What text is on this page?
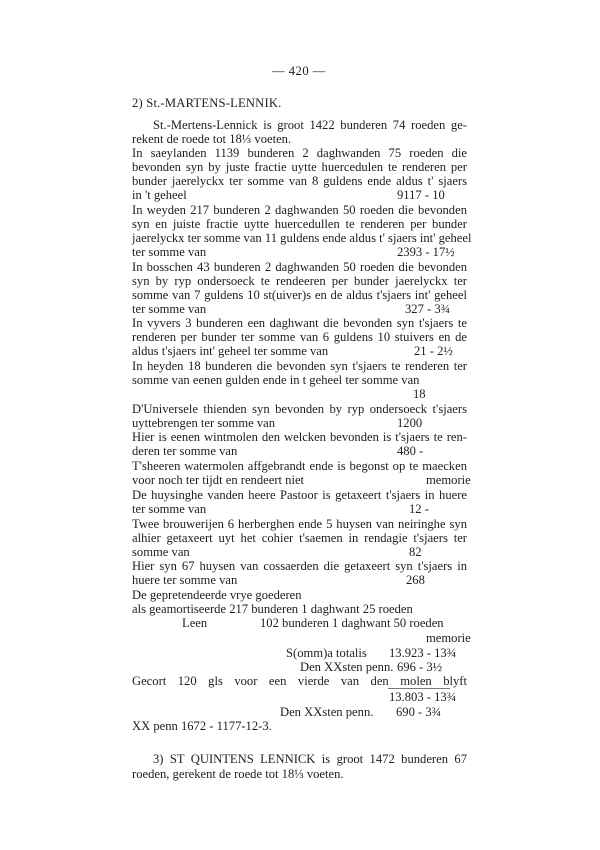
— 420 —
2) St.-MARTENS-LENNIK.
St.-Mertens-Lennick is groot 1422 bunderen 74 roeden ge-
rekent de roede tot 18⅓ voeten.
In saeylanden 1139 bunderen 2 daghwanden 75 roeden die
bevonden syn by juste fractie uytte huercedulen te renderen per
bunder jaerelyckx ter somme van 8 guldens ende aldus t' sjaers
in 't geheel	9117 - 10
In weyden 217 bunderen 2 daghwanden 50 roeden die bevonden
syn en juiste fractie uytte huercedullen te renderen per bunder
jaerelyckx ter somme van 11 guldens ende aldus t' sjaers int' geheel
ter somme van	2393 - 17½
In bosschen 43 bunderen 2 daghwanden 50 roeden die bevonden
syn by ryp ondersoeck te rendeeren per bunder jaerelyckx ter
somme van 7 guldens 10 st(uiver)s en de aldus t'sjaers int' geheel
ter somme van	327 - 3¾
In vyvers 3 bunderen een daghwant die bevonden syn t'sjaers te
renderen per bunder ter somme van 6 guldens 10 stuivers en de
aldus t'sjaers int' geheel ter somme van	21 - 2½
In heyden 18 bunderen die bevonden syn t'sjaers te renderen ter
somme van eenen gulden ende in t geheel ter somme van
18
D'Universele thienden syn bevonden by ryp ondersoeck t'sjaers
uyttebrengen ter somme van	1200
Hier is eenen wintmolen den welcken bevonden is t'sjaers te ren-
deren ter somme van	480 -
T'sheeren watermolen affgebrandt ende is begonst op te maecken
voor noch ter tijdt en rendeert niet	memorie
De huysinghe vanden heere Pastoor is getaxeert t'sjaers in huere
ter somme van	12 -
Twee brouwerijen 6 herberghen ende 5 huysen van neiringhe syn
alhier getaxeert uyt het cohier t'saemen in rendagie t'sjaers ter
somme van	82
Hier syn 67 huysen van cossaerden die getaxeert syn t'sjaers in
huere ter somme van	268
De gepretendeerde vrye goederen
als geamortiseerde 217 bunderen 1 daghwant 25 roeden
Leen	102 bunderen 1 daghwant 50 roeden
memorie
S(omm)a totalis 13.923 - 13¾
Den XXsten penn. 696 - 3½
Gecort 120 gls voor een vierde van den molen blyft
13.803 - 13¾
Den XXsten penn. 690 - 3¾
XX penn 1672 - 1177-12-3.
3) ST QUINTENS LENNICK is groot 1472 bunderen 67
roeden, gerekent de roede tot 18⅓ voeten.
